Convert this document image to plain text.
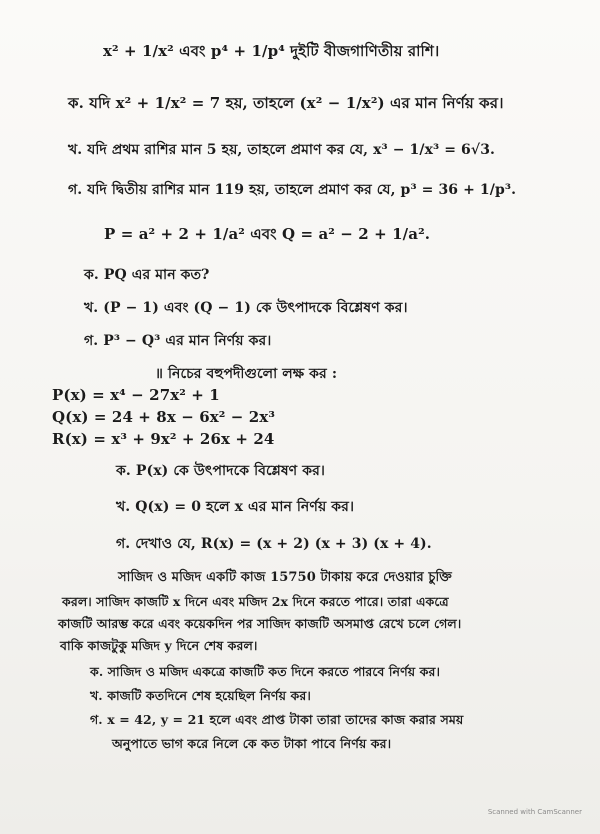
x² + 1/x² এবং p⁴ + 1/p⁴ দুইটি বীজগাণিতীয় রাশি।
ক. যদি x² + 1/x² = 7 হয়, তাহলে (x² − 1/x²) এর মান নির্ণয় কর।
খ. যদি প্রথম রাশির মান 5 হয়, তাহলে প্রমাণ কর যে, x³ − 1/x³ = 6√3.
গ. যদি দ্বিতীয় রাশির মান 119 হয়, তাহলে প্রমাণ কর যে, p³ = 36 + 1/p³.
P = a² + 2 + 1/a² এবং Q = a² − 2 + 1/a².
ক. PQ এর মান কত?
খ. (P − 1) এবং (Q − 1) কে উৎপাদকে বিশ্লেষণ কর।
গ. P³ − Q³ এর মান নির্ণয় কর।
॥ নিচের বহুপদীগুলো লক্ষ কর :
P(x) = x⁴ − 27x² + 1
Q(x) = 24 + 8x − 6x² − 2x³
R(x) = x³ + 9x² + 26x + 24
ক. P(x) কে উৎপাদকে বিশ্লেষণ কর।
খ. Q(x) = 0 হলে x এর মান নির্ণয় কর।
গ. দেখাও যে, R(x) = (x + 2) (x + 3) (x + 4).
সাজিদ ও মজিদ একটি কাজ 15750 টাকায় করে দেওয়ার চুক্তি
করল। সাজিদ কাজটি x দিনে এবং মজিদ 2x দিনে করতে পারে। তারা একত্রে
কাজটি আরম্ভ করে এবং কয়েকদিন পর সাজিদ কাজটি অসমাপ্ত রেখে চলে গেল।
বাকি কাজটুকু মজিদ y দিনে শেষ করল।
ক. সাজিদ ও মজিদ একত্রে কাজটি কত দিনে করতে পারবে নির্ণয় কর।
খ. কাজটি কতদিনে শেষ হয়েছিল নির্ণয় কর।
গ. x = 42, y = 21 হলে এবং প্রাপ্ত টাকা তারা তাদের কাজ করার সময়
অনুপাতে ভাগ করে নিলে কে কত টাকা পাবে নির্ণয় কর।
Scanned with CamScanner
